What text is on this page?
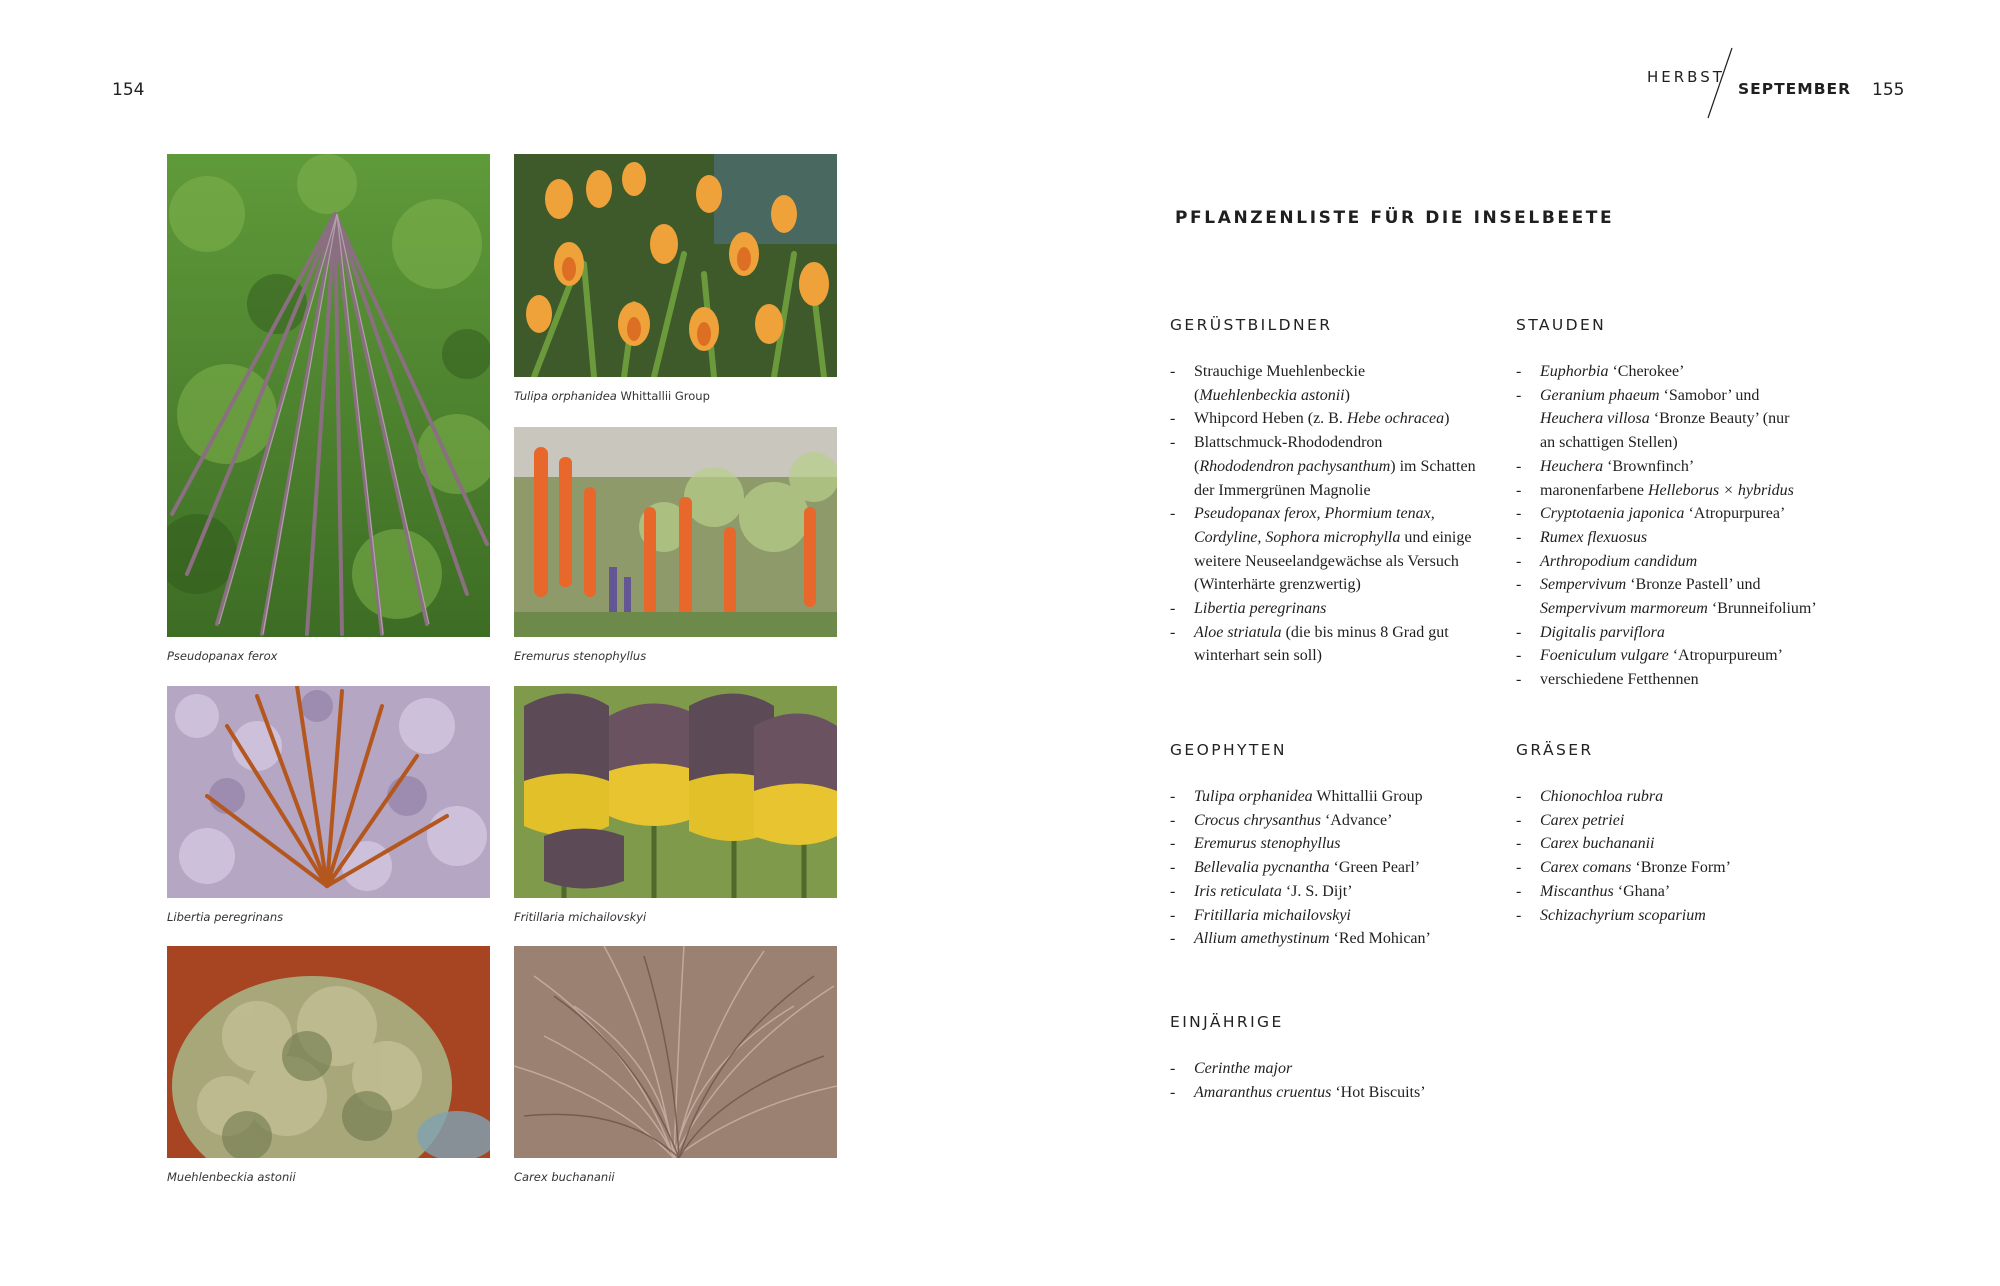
154
HERBST
SEPTEMBER 155
Pseudopanax ferox
Tulipa orphanidea Whittallii Group
Eremurus stenophyllus
Libertia peregrinans	Fritillaria michailovskyi
Muehlenbeckia astonii	Carex buchananii
PFLANZENLISTE FÜR DIE INSELBEETE
GERÜSTBILDNER
- Strauchige Muehlenbeckie
(Muehlenbeckia astonii)
- Whipcord Heben (z. B. Hebe ochracea)
- Blattschmuck-Rhododendron
(Rhododendron pachysanthum) im Schatten
der Immergrünen Magnolie
- Pseudopanax ferox, Phormium tenax,
Cordyline, Sophora microphylla und einige
weitere Neuseelandgewächse als Versuch
(Winterhärte grenzwertig)
- Libertia peregrinans
- Aloe striatula (die bis minus 8 Grad gut
winterhart sein soll)
STAUDEN
- Euphorbia ‘Cherokee’
- Geranium phaeum ‘Samobor’ und
Heuchera villosa ‘Bronze Beauty’ (nur
an schattigen Stellen)
- Heuchera ‘Brownfinch’
- maronenfarbene Helleborus × hybridus
- Cryptotaenia japonica ‘Atropurpurea’
- Rumex flexuosus
- Arthropodium candidum
- Sempervivum ‘Bronze Pastell’ und
Sempervivum marmoreum ‘Brunneifolium’
- Digitalis parviflora
- Foeniculum vulgare ‘Atropurpureum’
- verschiedene Fetthennen
GEOPHYTEN
- Tulipa orphanidea Whittallii Group
- Crocus chrysanthus ‘Advance’
- Eremurus stenophyllus
- Bellevalia pycnantha ‘Green Pearl’
- Iris reticulata ‘J. S. Dijt’
- Fritillaria michailovskyi
- Allium amethystinum ‘Red Mohican’
GRÄSER
- Chionochloa rubra
- Carex petriei
- Carex buchananii
- Carex comans ‘Bronze Form’
- Miscanthus ‘Ghana’
- Schizachyrium scoparium
EINJÄHRIGE
- Cerinthe major
- Amaranthus cruentus ‘Hot Biscuits’
